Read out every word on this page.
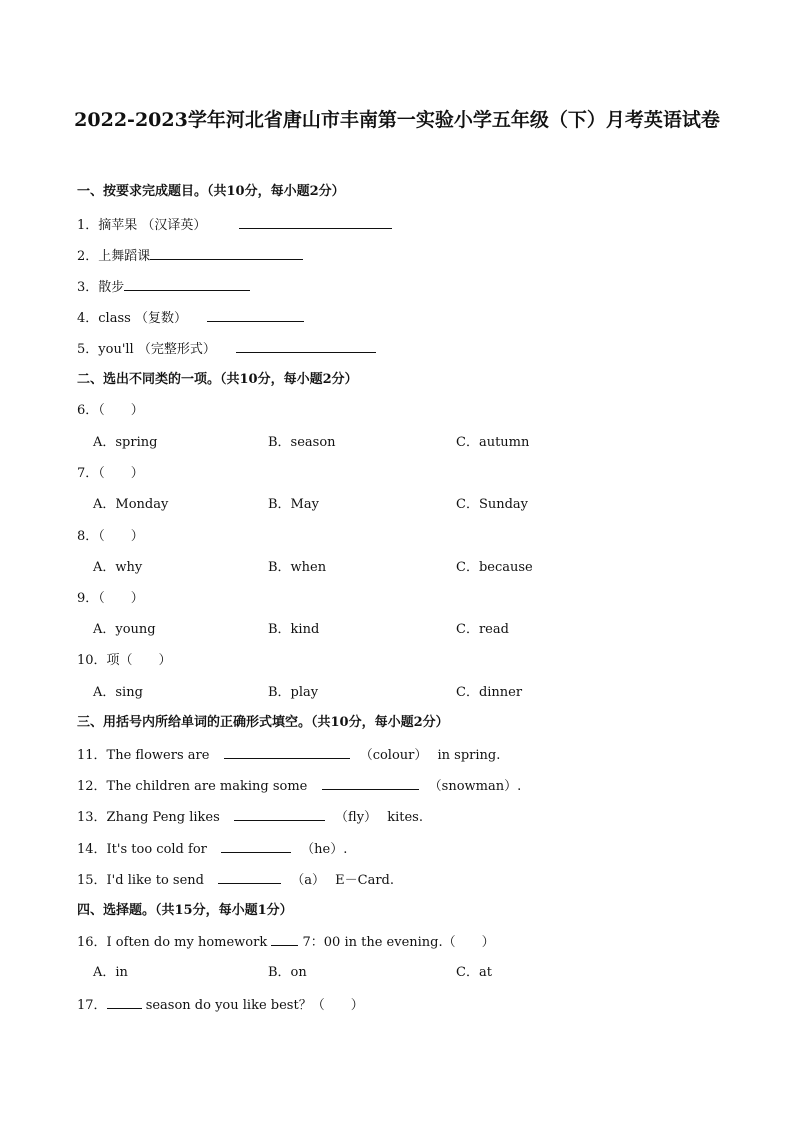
2022-2023学年河北省唐山市丰南第一实验小学五年级（下）月考英语试卷
一、按要求完成题目。（共10分，每小题2分）
1．摘苹果 （汉译英）
2．上舞蹈课
3．散步
4．class （复数）
5．you'll （完整形式）
二、选出不同类的一项。（共10分，每小题2分）
6．（　　）
A．spring	B．season	C．autumn
7．（　　）
A．Monday	B．May	C．Sunday
8．（　　）
A．why	B．when	C．because
9．（　　）
A．young	B．kind	C．read
10．项（　　）
A．sing	B．play	C．dinner
三、用括号内所给单词的正确形式填空。（共10分，每小题2分）
11．The flowers are	（colour） in spring.
12．The children are making some	（snowman）.
13．Zhang Peng likes	（fly） kites.
14．It's too cold for	（he）.
15．I'd like to send	（a） E－Card.
四、选择题。（共15分，每小题1分）
16．I often do my homework	7：00 in the evening.（　　）
A．in	B．on	C．at
17．	season do you like best？（　　）
